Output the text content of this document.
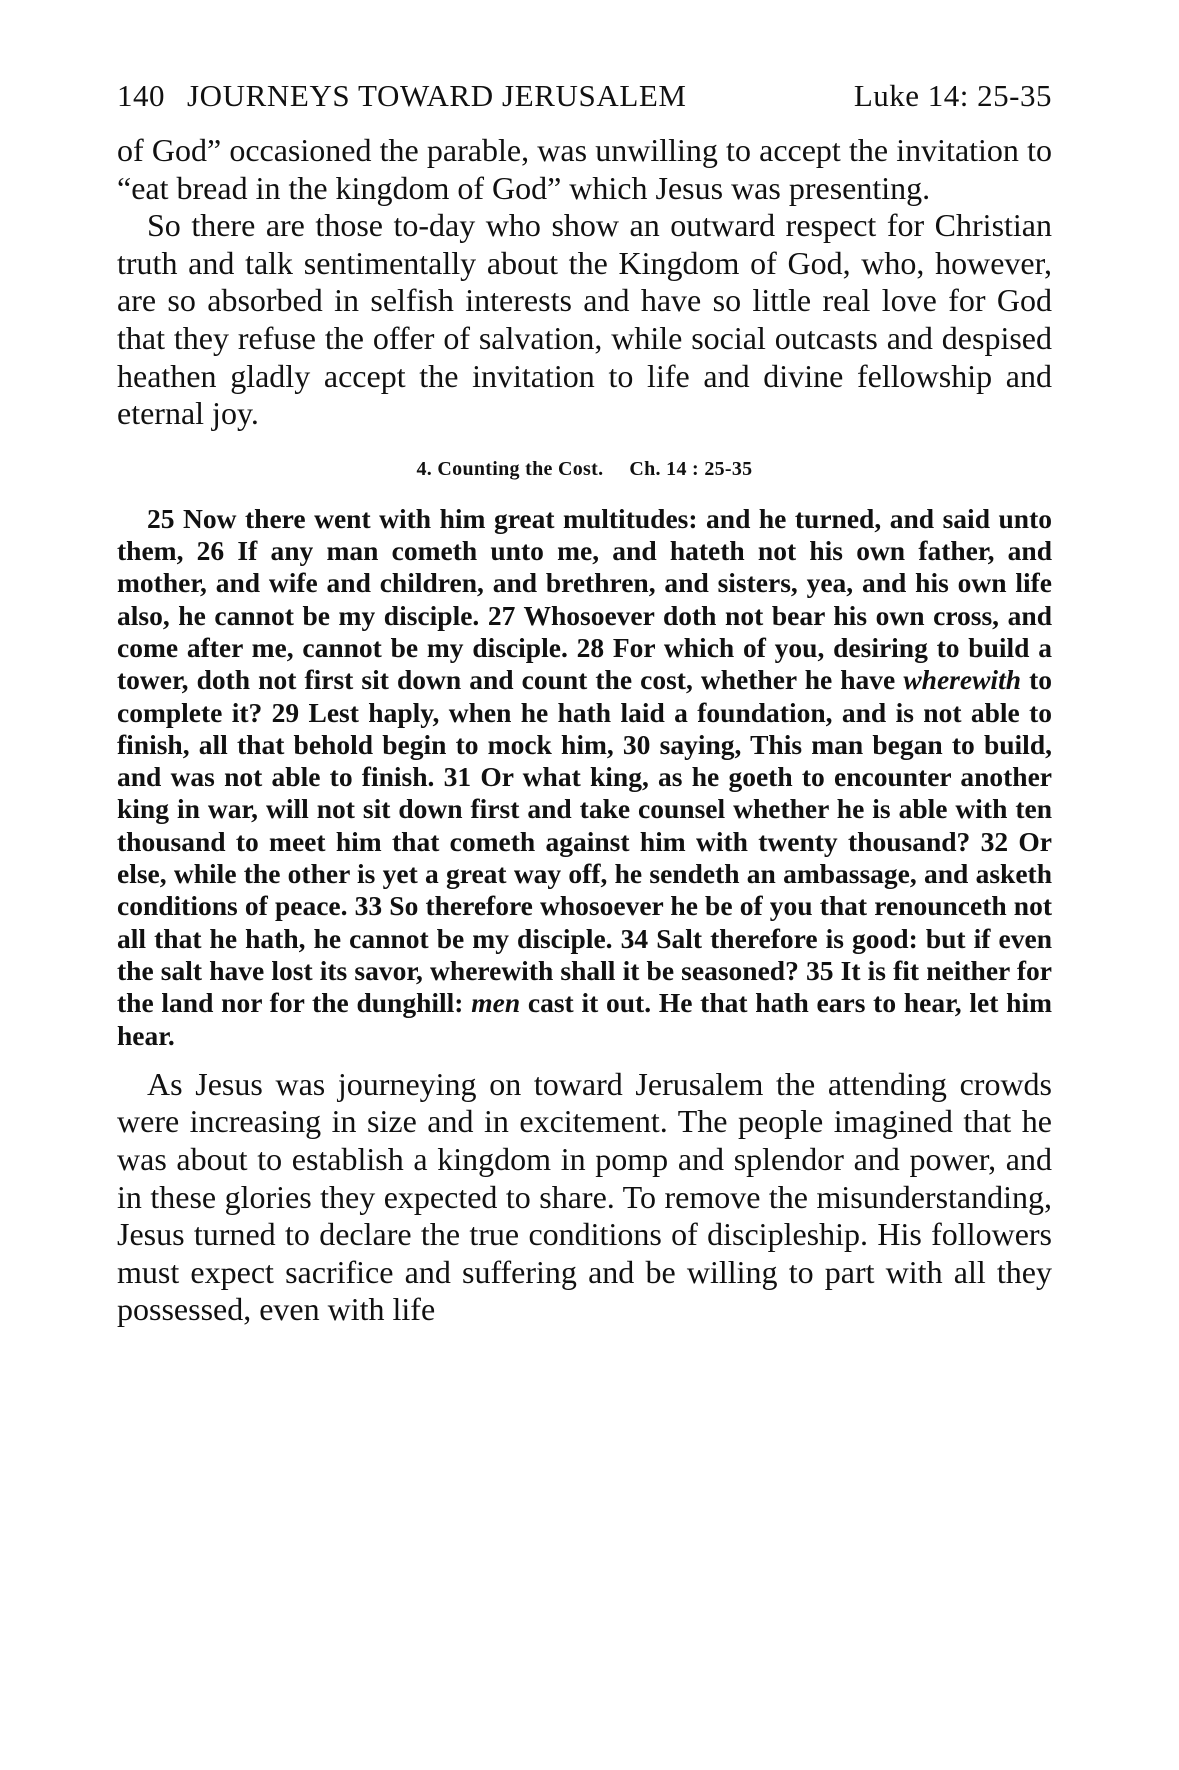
140 JOURNEYS TOWARD JERUSALEM	Luke 14: 25-35

of God” occasioned the parable, was unwilling to accept the invitation to “eat bread in the kingdom of God” which Jesus was presenting.

So there are those to-day who show an outward respect for Christian truth and talk sentimentally about the Kingdom of God, who, however, are so absorbed in selfish interests and have so little real love for God that they refuse the offer of salvation, while social outcasts and despised heathen gladly accept the invitation to life and divine fellowship and eternal joy.

4. Counting the Cost. Ch. 14 : 25-35

25 Now there went with him great multitudes: and he turned, and said unto them, 26 If any man cometh unto me, and hateth not his own father, and mother, and wife and children, and brethren, and sisters, yea, and his own life also, he cannot be my disciple. 27 Whosoever doth not bear his own cross, and come after me, cannot be my disciple. 28 For which of you, desiring to build a tower, doth not first sit down and count the cost, whether he have wherewith to complete it? 29 Lest haply, when he hath laid a foundation, and is not able to finish, all that behold begin to mock him, 30 saying, This man began to build, and was not able to finish. 31 Or what king, as he goeth to encounter another king in war, will not sit down first and take counsel whether he is able with ten thousand to meet him that cometh against him with twenty thousand? 32 Or else, while the other is yet a great way off, he sendeth an ambassage, and asketh conditions of peace. 33 So therefore whosoever he be of you that renounceth not all that he hath, he cannot be my disciple. 34 Salt therefore is good: but if even the salt have lost its savor, wherewith shall it be seasoned? 35 It is fit neither for the land nor for the dunghill: men cast it out. He that hath ears to hear, let him hear.

As Jesus was journeying on toward Jerusalem the attending crowds were increasing in size and in excitement. The people imagined that he was about to establish a kingdom in pomp and splendor and power, and in these glories they expected to share. To remove the misunderstanding, Jesus turned to declare the true conditions of discipleship. His followers must expect sacrifice and suffering and be willing to part with all they possessed, even with life
